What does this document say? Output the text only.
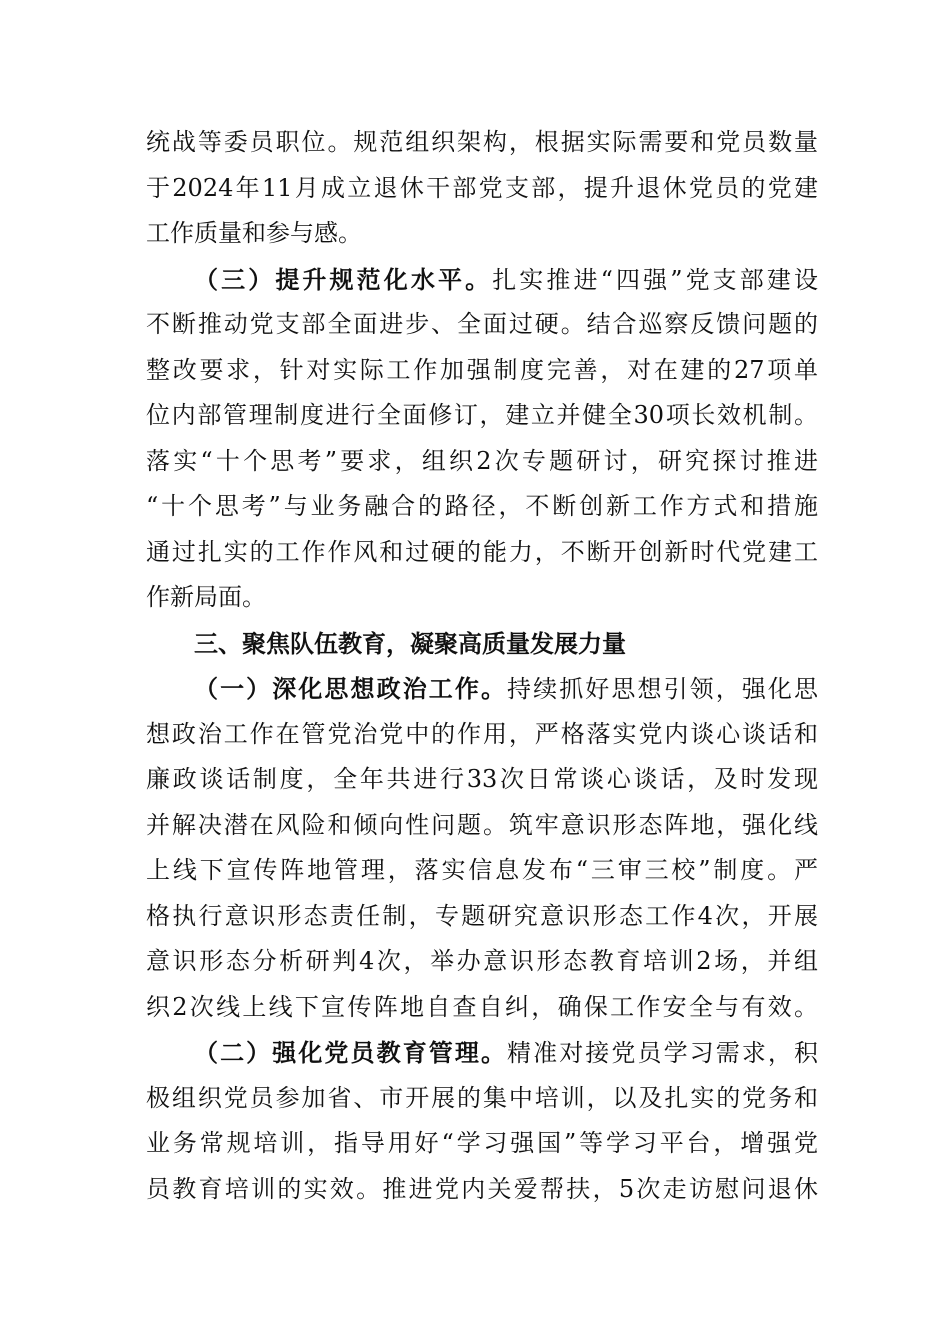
统战等委员职位。规范组织架构，根据实际需要和党员数量
于2024年11月成立退休干部党支部，提升退休党员的党建
工作质量和参与感。
（三）提升规范化水平。扎实推进“四强”党支部建设
不断推动党支部全面进步、全面过硬。结合巡察反馈问题的
整改要求，针对实际工作加强制度完善，对在建的27项单
位内部管理制度进行全面修订，建立并健全30项长效机制。
落实“十个思考”要求，组织2次专题研讨，研究探讨推进
“十个思考”与业务融合的路径，不断创新工作方式和措施
通过扎实的工作作风和过硬的能力，不断开创新时代党建工
作新局面。
三、聚焦队伍教育，凝聚高质量发展力量
（一）深化思想政治工作。持续抓好思想引领，强化思
想政治工作在管党治党中的作用，严格落实党内谈心谈话和
廉政谈话制度，全年共进行33次日常谈心谈话，及时发现
并解决潜在风险和倾向性问题。筑牢意识形态阵地，强化线
上线下宣传阵地管理，落实信息发布“三审三校”制度。严
格执行意识形态责任制，专题研究意识形态工作4次，开展
意识形态分析研判4次，举办意识形态教育培训2场，并组
织2次线上线下宣传阵地自查自纠，确保工作安全与有效。
（二）强化党员教育管理。精准对接党员学习需求，积
极组织党员参加省、市开展的集中培训，以及扎实的党务和
业务常规培训，指导用好“学习强国”等学习平台，增强党
员教育培训的实效。推进党内关爱帮扶，5次走访慰问退休
